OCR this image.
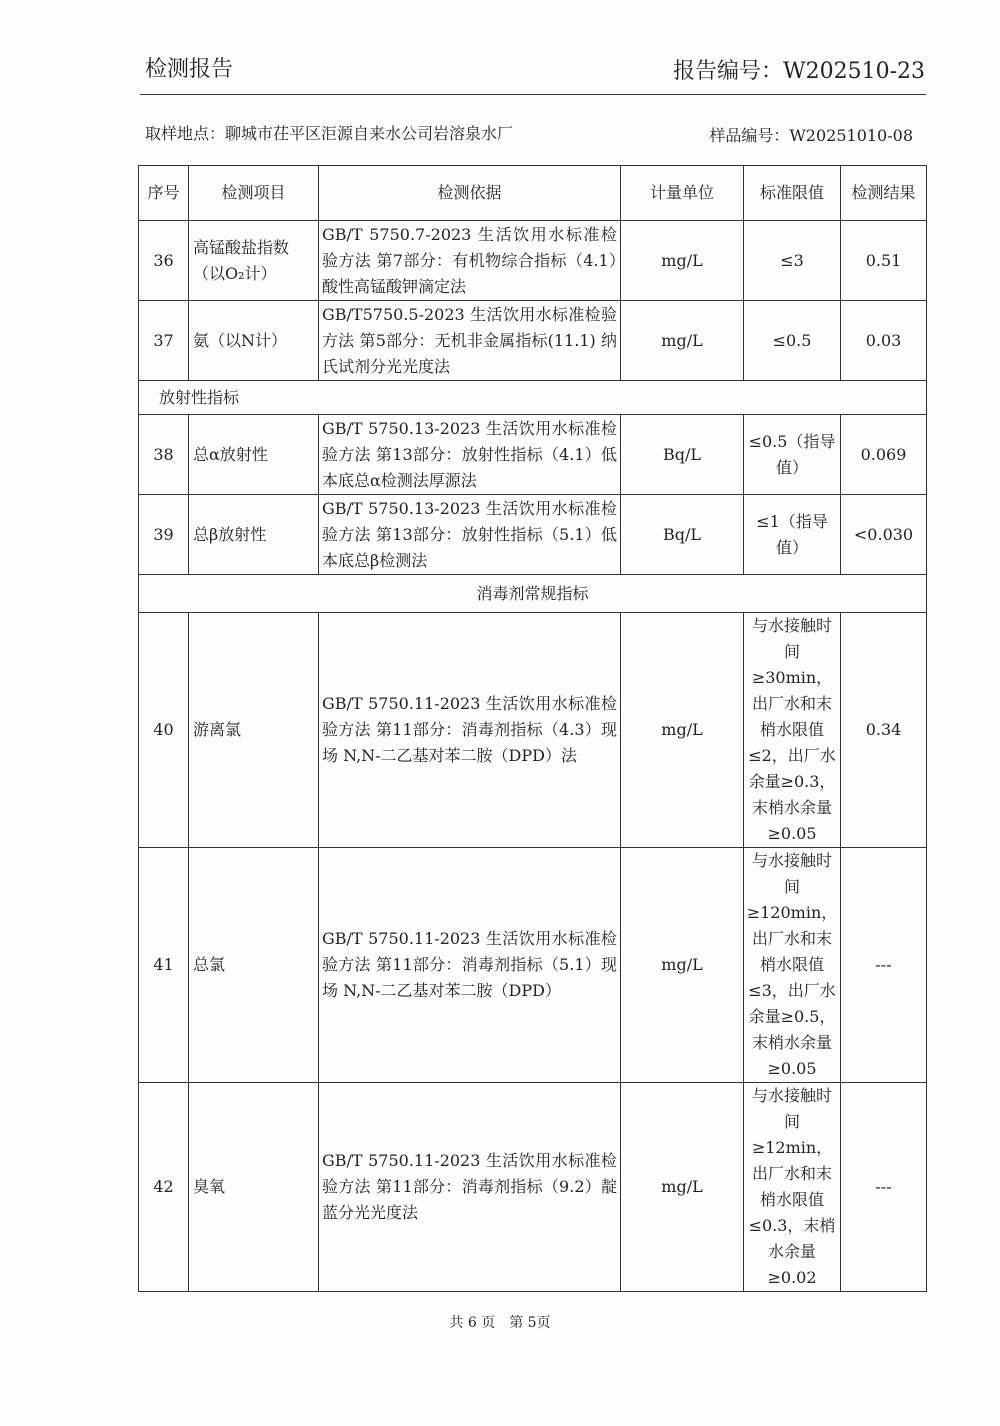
检测报告	报告编号：W202510-23
取样地点：聊城市茌平区洰源自来水公司岩溶泉水厂	样品编号：W20251010-08
序号	检测项目	检测依据	计量单位	标准限值	检测结果
36	高锰酸盐指数（以O₂计）	GB/T 5750.7-2023 生活饮用水标准检验方法 第7部分：有机物综合指标（4.1）酸性高锰酸钾滴定法	mg/L	≤3	0.51
37	氨（以N计）	GB/T5750.5-2023 生活饮用水标准检验方法 第5部分：无机非金属指标(11.1) 纳氏试剂分光光度法	mg/L	≤0.5	0.03
放射性指标					
38	总α放射性	GB/T 5750.13-2023 生活饮用水标准检验方法 第13部分：放射性指标（4.1）低本底总α检测法厚源法	Bq/L	≤0.5（指导值）	0.069
39	总β放射性	GB/T 5750.13-2023 生活饮用水标准检验方法 第13部分：放射性指标（5.1）低本底总β检测法	Bq/L	≤1（指导值）	<0.030
消毒剂常规指标					
40	游离氯	GB/T 5750.11-2023 生活饮用水标准检验方法 第11部分：消毒剂指标（4.3）现场 N,N-二乙基对苯二胺（DPD）法	mg/L	与水接触时间≥30min，出厂水和末梢水限值≤2，出厂水余量≥0.3，末梢水余量≥0.05	0.34
41	总氯	GB/T 5750.11-2023 生活饮用水标准检验方法 第11部分：消毒剂指标（5.1）现场 N,N-二乙基对苯二胺（DPD）	mg/L	与水接触时间≥120min，出厂水和末梢水限值≤3，出厂水余量≥0.5，末梢水余量≥0.05	---
42	臭氧	GB/T 5750.11-2023 生活饮用水标准检验方法 第11部分：消毒剂指标（9.2）靛蓝分光光度法	mg/L	与水接触时间≥12min，出厂水和末梢水限值≤0.3，末梢水余量≥0.02	---
共 6 页　第 5页
